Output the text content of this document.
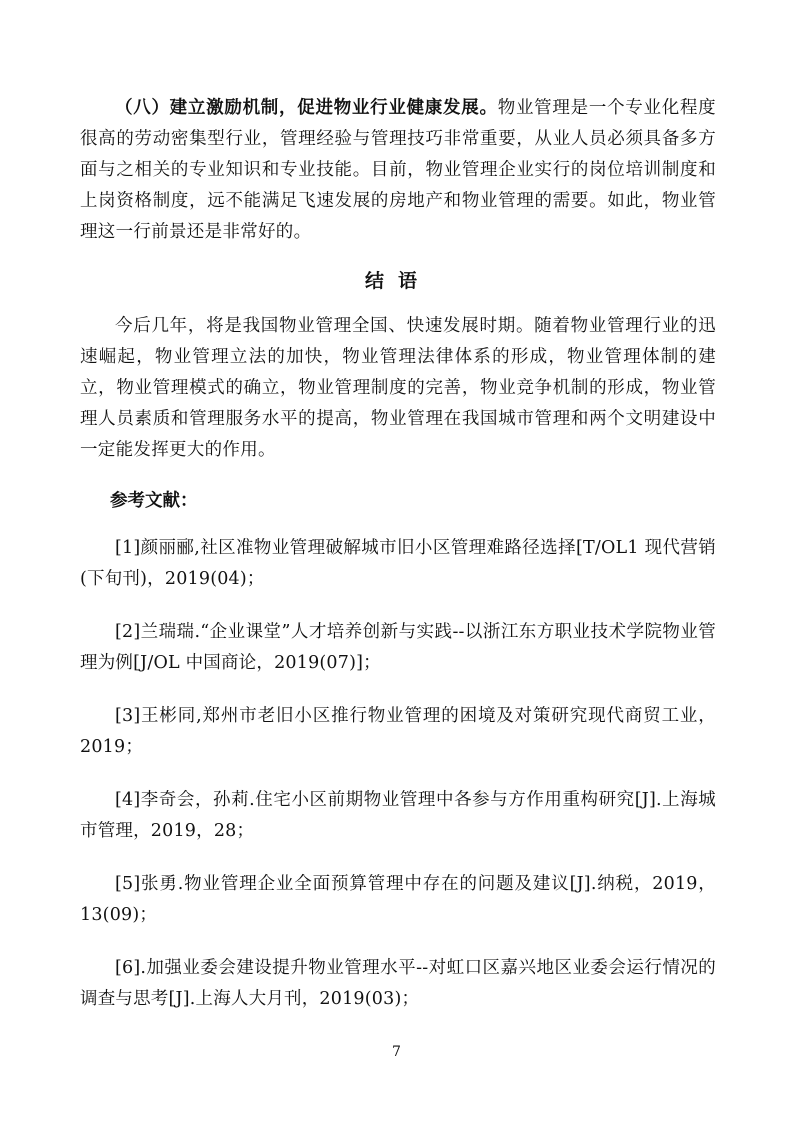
（八）建立激励机制，促进物业行业健康发展。物业管理是一个专业化程度很高的劳动密集型行业，管理经验与管理技巧非常重要，从业人员必须具备多方面与之相关的专业知识和专业技能。目前，物业管理企业实行的岗位培训制度和上岗资格制度，远不能满足飞速发展的房地产和物业管理的需要。如此，物业管理这一行前景还是非常好的。

结语

今后几年，将是我国物业管理全国、快速发展时期。随着物业管理行业的迅速崛起，物业管理立法的加快，物业管理法律体系的形成，物业管理体制的建立，物业管理模式的确立，物业管理制度的完善，物业竞争机制的形成，物业管理人员素质和管理服务水平的提高，物业管理在我国城市管理和两个文明建设中一定能发挥更大的作用。

参考文献：

[1]颜丽郦,社区准物业管理破解城市旧小区管理难路径选择[T/OL1 现代营销(下旬刊)，2019(04)；

[2]兰瑞瑞.“企业课堂”人才培养创新与实践--以浙江东方职业技术学院物业管理为例[J/OL 中国商论，2019(07)]；

[3]王彬同,郑州市老旧小区推行物业管理的困境及对策研究现代商贸工业，2019；

[4]李奇会，孙莉.住宅小区前期物业管理中各参与方作用重构研究[J].上海城市管理，2019，28；

[5]张勇.物业管理企业全面预算管理中存在的问题及建议[J].纳税，2019，13(09)；

[6].加强业委会建设提升物业管理水平--对虹口区嘉兴地区业委会运行情况的调查与思考[J].上海人大月刊，2019(03)；

7
